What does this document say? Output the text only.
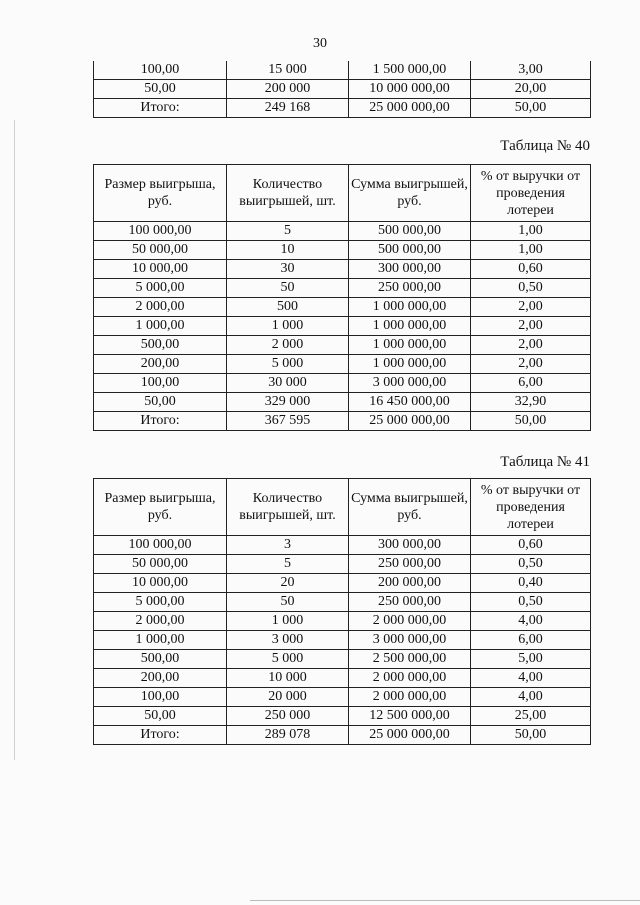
30
100,00	15 000	1 500 000,00	3,00
50,00	200 000	10 000 000,00	20,00
Итого:	249 168	25 000 000,00	50,00
Таблица № 40
Размер выигрыша, руб.	Количество выигрышей, шт.	Сумма выигрышей, руб.	% от выручки от проведения лотереи
100 000,00	5	500 000,00	1,00
50 000,00	10	500 000,00	1,00
10 000,00	30	300 000,00	0,60
5 000,00	50	250 000,00	0,50
2 000,00	500	1 000 000,00	2,00
1 000,00	1 000	1 000 000,00	2,00
500,00	2 000	1 000 000,00	2,00
200,00	5 000	1 000 000,00	2,00
100,00	30 000	3 000 000,00	6,00
50,00	329 000	16 450 000,00	32,90
Итого:	367 595	25 000 000,00	50,00
Таблица № 41
Размер выигрыша, руб.	Количество выигрышей, шт.	Сумма выигрышей, руб.	% от выручки от проведения лотереи
100 000,00	3	300 000,00	0,60
50 000,00	5	250 000,00	0,50
10 000,00	20	200 000,00	0,40
5 000,00	50	250 000,00	0,50
2 000,00	1 000	2 000 000,00	4,00
1 000,00	3 000	3 000 000,00	6,00
500,00	5 000	2 500 000,00	5,00
200,00	10 000	2 000 000,00	4,00
100,00	20 000	2 000 000,00	4,00
50,00	250 000	12 500 000,00	25,00
Итого:	289 078	25 000 000,00	50,00
